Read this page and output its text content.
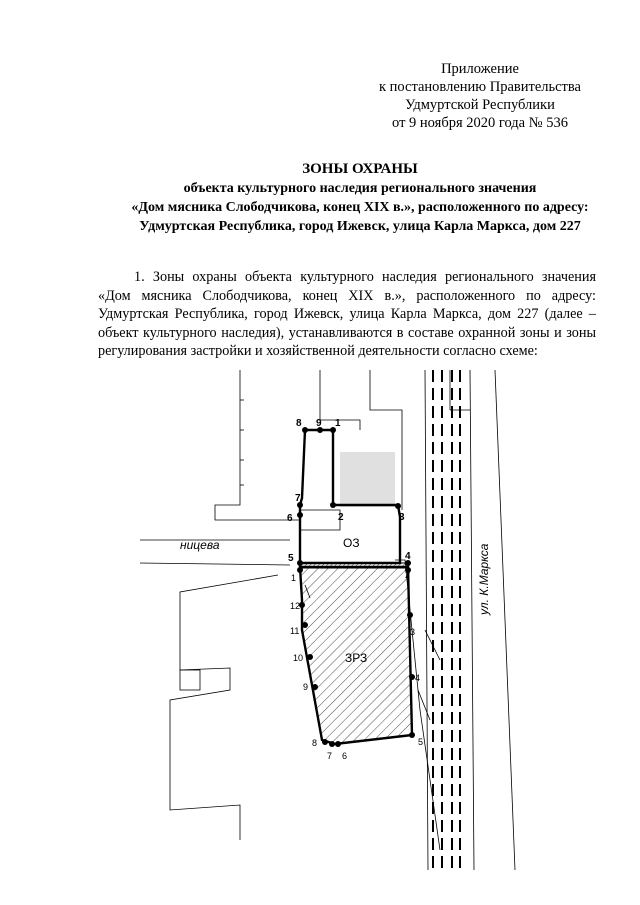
Приложение
к постановлению Правительства
Удмуртской Республики
от 9 ноября 2020 года № 536
ЗОНЫ ОХРАНЫ
объекта культурного наследия регионального значения
«Дом мясника Слободчикова, конец XIX в.», расположенного по адресу:
Удмуртская Республика, город Ижевск, улица Карла Маркса, дом 227
1. Зоны охраны объекта культурного наследия регионального значения «Дом мясника Слободчикова, конец XIX в.», расположенного по адресу: Удмуртская Республика, город Ижевск, улица Карла Маркса, дом 227 (далее – объект культурного наследия), устанавливаются в составе охранной зоны и зоны регулирования застройки и хозяйственной деятельности согласно схеме:
8 9 1
7
6	2	3
5	4
1	2
3
4
5
6
7
8
9
10
11
12
ОЗ
ЗРЗ
ницева	ул. К.Маркса
